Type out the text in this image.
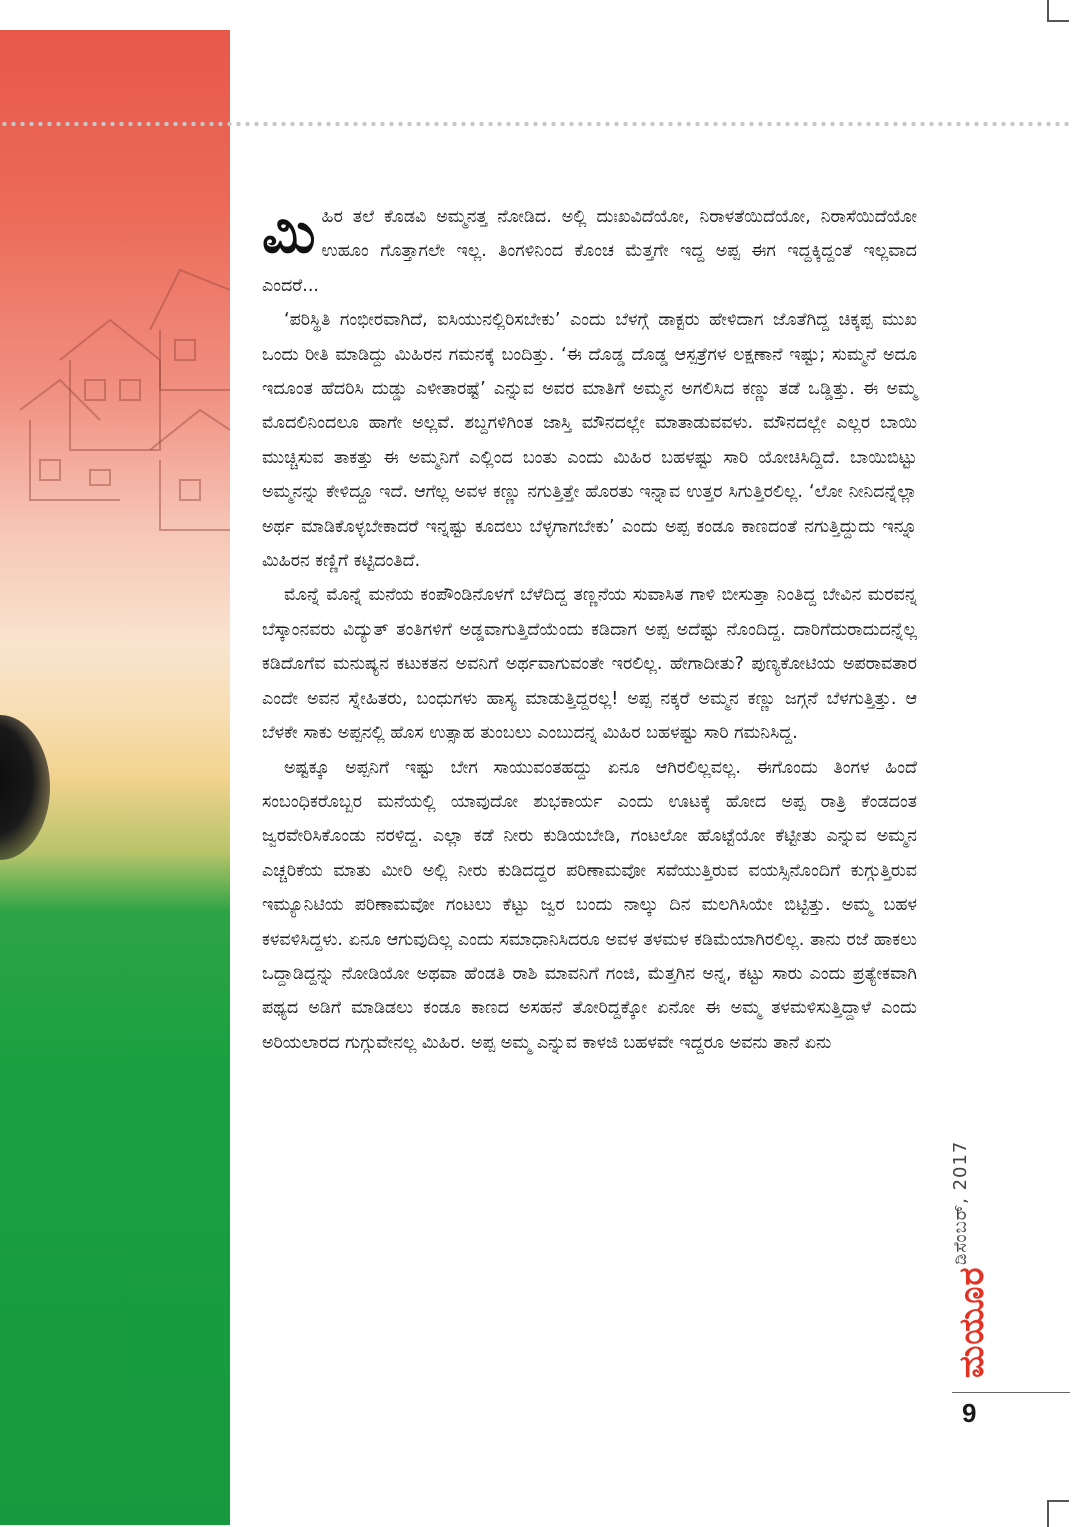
ಮಿಹಿರ ತಲೆ ಕೊಡವಿ ಅಮ್ಮನತ್ತ ನೋಡಿದ. ಅಲ್ಲಿ ದುಃಖವಿದೆಯೋ, ನಿರಾಳತೆಯಿದೆಯೋ, ನಿರಾಸೆಯಿದೆಯೋ ಉಹೂಂ ಗೊತ್ತಾಗಲೇ ಇಲ್ಲ. ತಿಂಗಳಿನಿಂದ ಕೊಂಚ ಮೆತ್ತಗೇ ಇದ್ದ ಅಪ್ಪ ಈಗ ಇದ್ದಕ್ಕಿದ್ದಂತೆ ಇಲ್ಲವಾದ ಎಂದರೆ...

‘ಪರಿಸ್ಥಿತಿ ಗಂಭೀರವಾಗಿದೆ, ಐಸಿಯುನಲ್ಲಿರಿಸಬೇಕು’ ಎಂದು ಬೆಳಗ್ಗೆ ಡಾಕ್ಟರು ಹೇಳಿದಾಗ ಜೊತೆಗಿದ್ದ ಚಿಕ್ಕಪ್ಪ ಮುಖ ಒಂದು ರೀತಿ ಮಾಡಿದ್ದು ಮಿಹಿರನ ಗಮನಕ್ಕೆ ಬಂದಿತ್ತು. ‘ಈ ದೊಡ್ಡ ದೊಡ್ಡ ಆಸ್ಪತ್ರೆಗಳ ಲಕ್ಷಣಾನೆ ಇಷ್ಟು; ಸುಮ್ಮನೆ ಅದೂ ಇದೂಂತ ಹೆದರಿಸಿ ದುಡ್ಡು ಎಳೀತಾರಷ್ಟೆ’ ಎನ್ನುವ ಅವರ ಮಾತಿಗೆ ಅಮ್ಮನ ಅಗಲಿಸಿದ ಕಣ್ಣು ತಡೆ ಒಡ್ಡಿತ್ತು. ಈ ಅಮ್ಮ ಮೊದಲಿನಿಂದಲೂ ಹಾಗೇ ಅಲ್ಲವೆ. ಶಬ್ದಗಳಿಗಿಂತ ಜಾಸ್ತಿ ಮೌನದಲ್ಲೇ ಮಾತಾಡುವವಳು. ಮೌನದಲ್ಲೇ ಎಲ್ಲರ ಬಾಯಿ ಮುಚ್ಚಿಸುವ ತಾಕತ್ತು ಈ ಅಮ್ಮನಿಗೆ ಎಲ್ಲಿಂದ ಬಂತು ಎಂದು ಮಿಹಿರ ಬಹಳಷ್ಟು ಸಾರಿ ಯೋಚಿಸಿದ್ದಿದೆ. ಬಾಯಿಬಿಟ್ಟು ಅಮ್ಮನನ್ನು ಕೇಳಿದ್ದೂ ಇದೆ. ಆಗೆಲ್ಲ ಅವಳ ಕಣ್ಣು ನಗುತ್ತಿತ್ತೇ ಹೊರತು ಇನ್ನಾವ ಉತ್ತರ ಸಿಗುತ್ತಿರಲಿಲ್ಲ. ‘ಲೋ ನೀನಿದನ್ನೆಲ್ಲಾ ಅರ್ಥ ಮಾಡಿಕೊಳ್ಳಬೇಕಾದರೆ ಇನ್ನಷ್ಟು ಕೂದಲು ಬೆಳ್ಳಗಾಗಬೇಕು’ ಎಂದು ಅಪ್ಪ ಕಂಡೂ ಕಾಣದಂತೆ ನಗುತ್ತಿದ್ದುದು ಇನ್ನೂ ಮಿಹಿರನ ಕಣ್ಣಿಗೆ ಕಟ್ಟಿದಂತಿದೆ.

ಮೊನ್ನೆ ಮೊನ್ನೆ ಮನೆಯ ಕಂಪೌಂಡಿನೊಳಗೆ ಬೆಳೆದಿದ್ದ ತಣ್ಣನೆಯ ಸುವಾಸಿತ ಗಾಳಿ ಬೀಸುತ್ತಾ ನಿಂತಿದ್ದ ಬೇವಿನ ಮರವನ್ನ ಬೆಸ್ಕಾಂನವರು ವಿದ್ಯುತ್ ತಂತಿಗಳಿಗೆ ಅಡ್ಡವಾಗುತ್ತಿದೆಯೆಂದು ಕಡಿದಾಗ ಅಪ್ಪ ಅದೆಷ್ಟು ನೊಂದಿದ್ದ. ದಾರಿಗೆದುರಾದುದನ್ನೆಲ್ಲ ಕಡಿದೊಗೆವ ಮನುಷ್ಯನ ಕಟುಕತನ ಅವನಿಗೆ ಅರ್ಥವಾಗುವಂತೇ ಇರಲಿಲ್ಲ. ಹೇಗಾದೀತು? ಪುಣ್ಯಕೋಟಿಯ ಅಪರಾವತಾರ ಎಂದೇ ಅವನ ಸ್ನೇಹಿತರು, ಬಂಧುಗಳು ಹಾಸ್ಯ ಮಾಡುತ್ತಿದ್ದರಲ್ಲ! ಅಪ್ಪ ನಕ್ಕರೆ ಅಮ್ಮನ ಕಣ್ಣು ಜಗ್ಗನೆ ಬೆಳಗುತ್ತಿತ್ತು. ಆ ಬೆಳಕೇ ಸಾಕು ಅಪ್ಪನಲ್ಲಿ ಹೊಸ ಉತ್ಸಾಹ ತುಂಬಲು ಎಂಬುದನ್ನ ಮಿಹಿರ ಬಹಳಷ್ಟು ಸಾರಿ ಗಮನಿಸಿದ್ದ.

ಅಷ್ಟಕ್ಕೂ ಅಪ್ಪನಿಗೆ ಇಷ್ಟು ಬೇಗ ಸಾಯುವಂತಹದ್ದು ಏನೂ ಆಗಿರಲಿಲ್ಲವಲ್ಲ. ಈಗೊಂದು ತಿಂಗಳ ಹಿಂದೆ ಸಂಬಂಧಿಕರೊಬ್ಬರ ಮನೆಯಲ್ಲಿ ಯಾವುದೋ ಶುಭಕಾರ್ಯ ಎಂದು ಊಟಕ್ಕೆ ಹೋದ ಅಪ್ಪ ರಾತ್ರಿ ಕೆಂಡದಂತ ಜ್ವರವೇರಿಸಿಕೊಂಡು ನರಳಿದ್ದ. ಎಲ್ಲಾ ಕಡೆ ನೀರು ಕುಡಿಯಬೇಡಿ, ಗಂಟಲೋ ಹೊಟ್ಟೆಯೋ ಕೆಟ್ಟೀತು ಎನ್ನುವ ಅಮ್ಮನ ಎಚ್ಚರಿಕೆಯ ಮಾತು ಮೀರಿ ಅಲ್ಲಿ ನೀರು ಕುಡಿದದ್ದರ ಪರಿಣಾಮವೋ ಸವೆಯುತ್ತಿರುವ ವಯಸ್ಸಿನೊಂದಿಗೆ ಕುಗ್ಗುತ್ತಿರುವ ಇಮ್ಯೂನಿಟಿಯ ಪರಿಣಾಮವೋ ಗಂಟಲು ಕೆಟ್ಟು ಜ್ವರ ಬಂದು ನಾಲ್ಕು ದಿನ ಮಲಗಿಸಿಯೇ ಬಿಟ್ಟಿತ್ತು. ಅಮ್ಮ ಬಹಳ ಕಳವಳಿಸಿದ್ದಳು. ಏನೂ ಆಗುವುದಿಲ್ಲ ಎಂದು ಸಮಾಧಾನಿಸಿದರೂ ಅವಳ ತಳಮಳ ಕಡಿಮೆಯಾಗಿರಲಿಲ್ಲ. ತಾನು ರಜೆ ಹಾಕಲು ಒದ್ದಾಡಿದ್ದನ್ನು ನೋಡಿಯೋ ಅಥವಾ ಹೆಂಡತಿ ರಾಶಿ ಮಾವನಿಗೆ ಗಂಜಿ, ಮೆತ್ತಗಿನ ಅನ್ನ, ಕಟ್ಟು ಸಾರು ಎಂದು ಪ್ರತ್ಯೇಕವಾಗಿ ಪಥ್ಯದ ಅಡಿಗೆ ಮಾಡಿಡಲು ಕಂಡೂ ಕಾಣದ ಅಸಹನೆ ತೋರಿದ್ದಕ್ಕೋ ಏನೋ ಈ ಅಮ್ಮ ತಳಮಳಿಸುತ್ತಿದ್ದಾಳೆ ಎಂದು ಅರಿಯಲಾರದ ಗುಗ್ಗುವೇನಲ್ಲ ಮಿಹಿರ. ಅಪ್ಪ ಅಮ್ಮ ಎನ್ನುವ ಕಾಳಜಿ ಬಹಳವೇ ಇದ್ದರೂ ಅವನು ತಾನೆ ಏನು

ಡಿಸೆಂಬರ್, 2017
ಮಯೂರ
9
